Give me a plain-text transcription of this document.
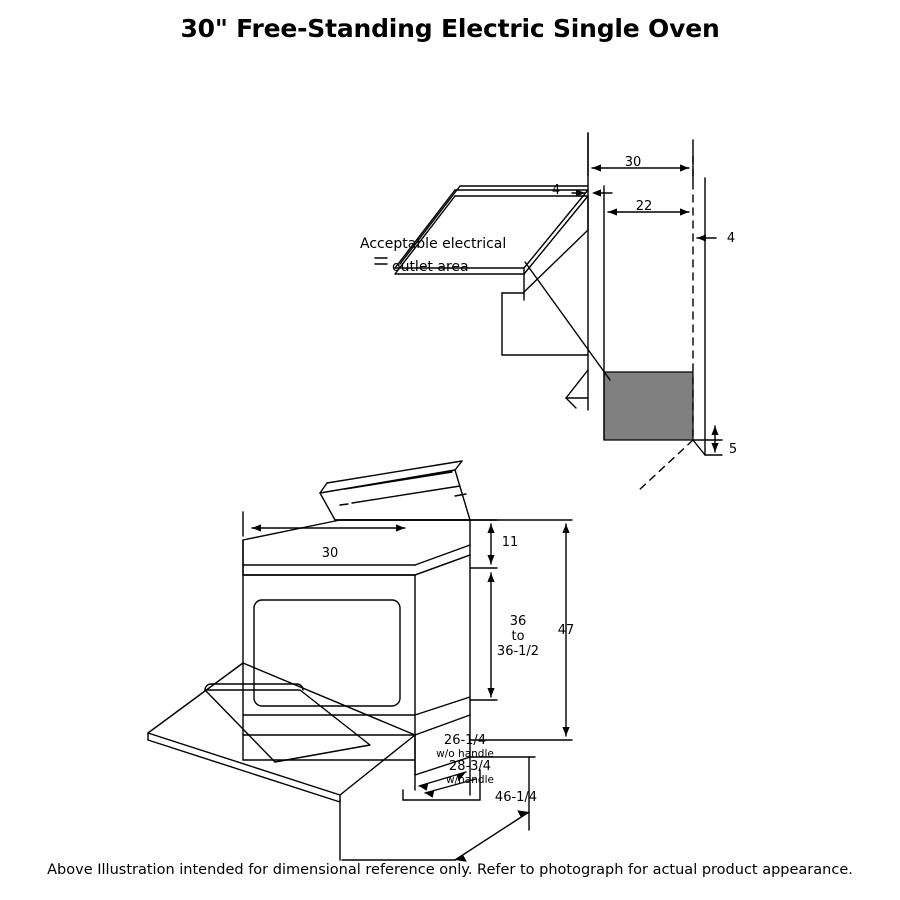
30" Free-Standing Electric Single Oven
Acceptable electrical
outlet area
30
4
22
4
5
30
11
36
to
36-1/2
47
26-1/4
w/o handle
28-3/4
w/handle
46-1/4
Above Illustration intended for dimensional reference only. Refer to photograph for actual product appearance.
